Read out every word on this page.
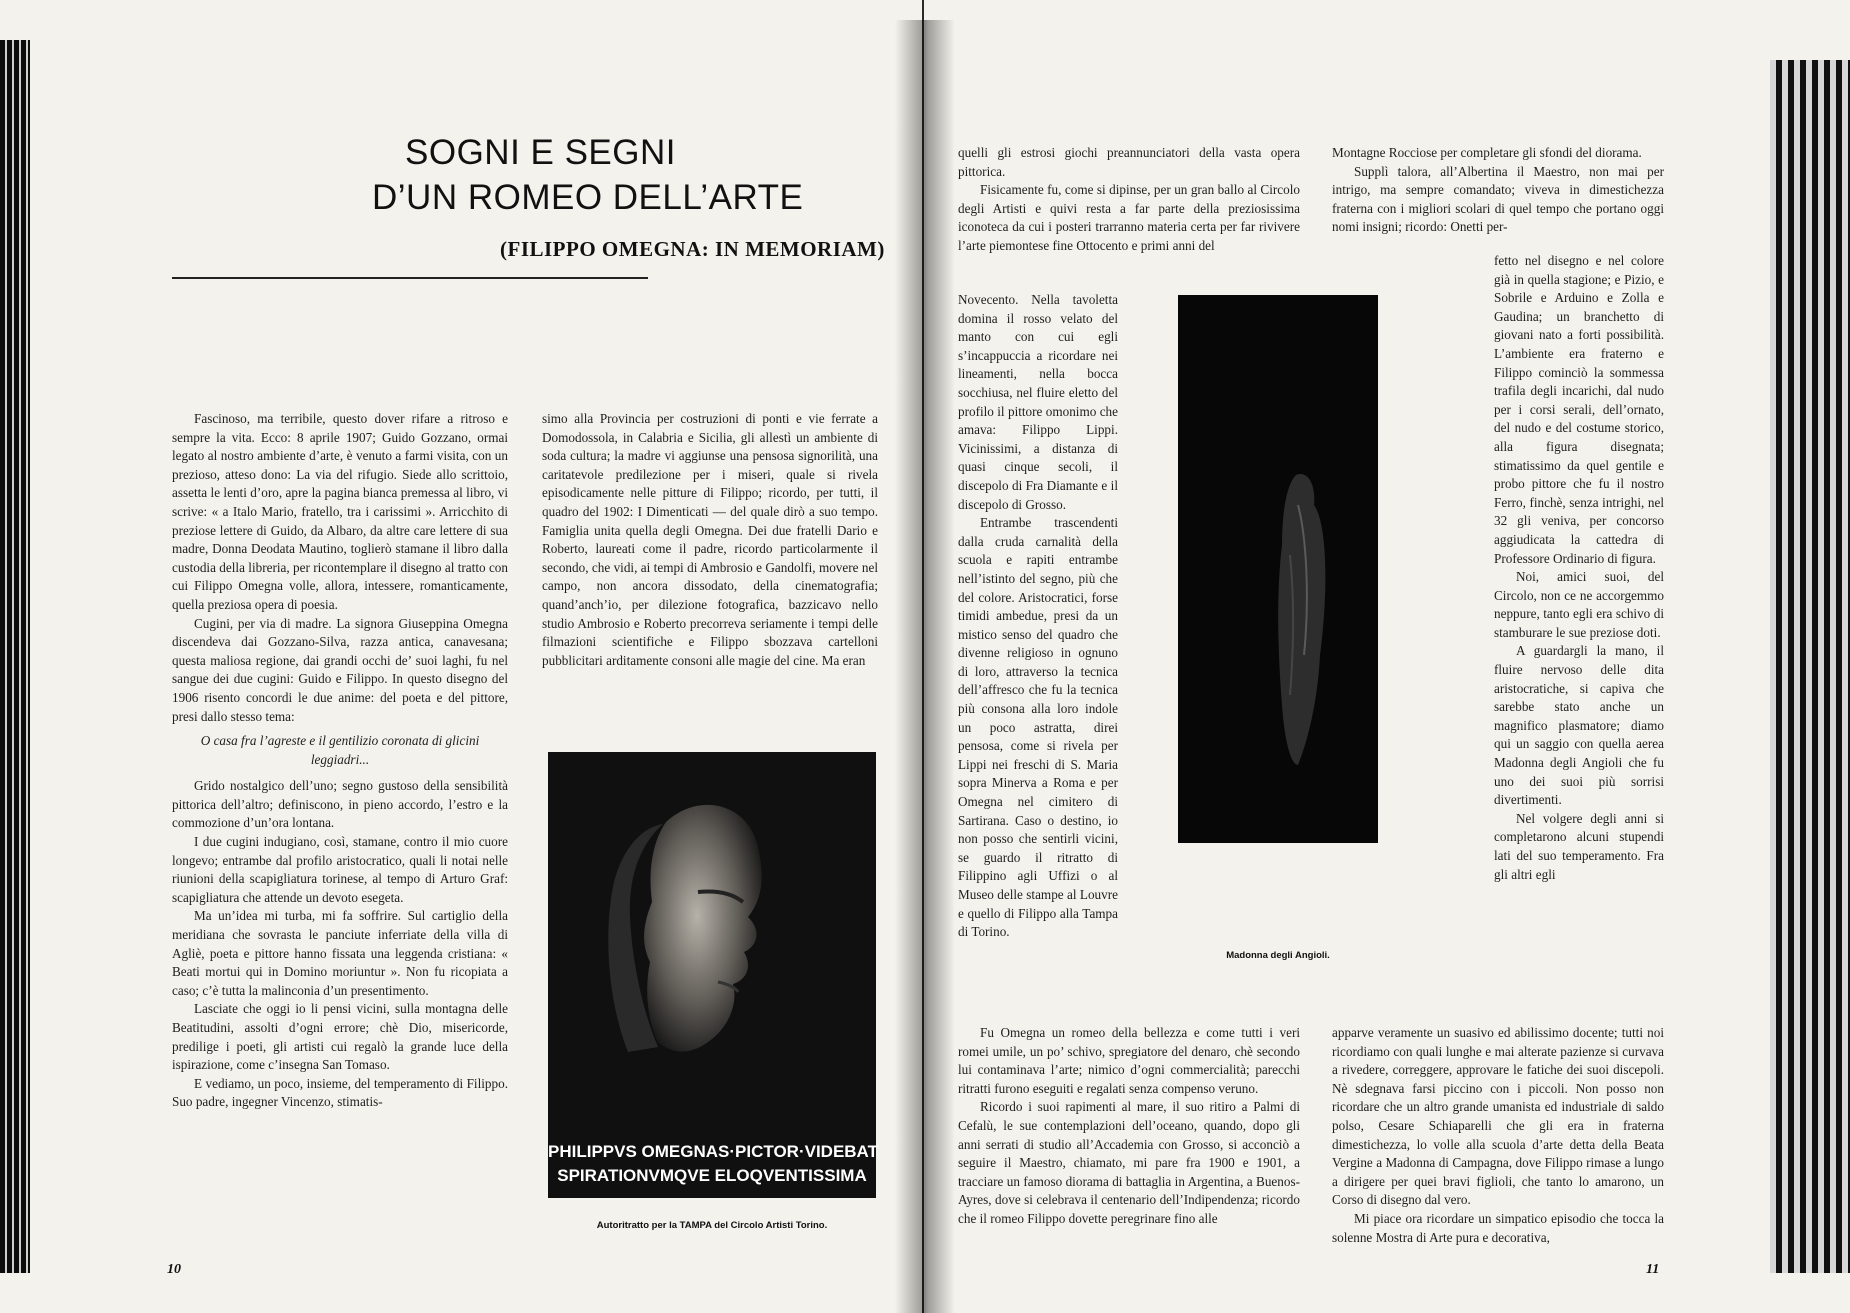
SOGNI E SEGNI
D’UN ROMEO DELL’ARTE
(FILIPPO OMEGNA: IN MEMORIAM)

Fascinoso, ma terribile, questo dover rifare a ritroso e sempre la vita. Ecco: 8 aprile 1907; Guido Gozzano, ormai legato al nostro ambiente d’arte, è venuto a farmi visita, con un prezioso, atteso dono: La via del rifugio. Siede allo scrittoio, assetta le lenti d’oro, apre la pagina bianca premessa al libro, vi scrive: « a Italo Mario, fratello, tra i carissimi ». Arricchito di preziose lettere di Guido, da Albaro, da altre care lettere di sua madre, Donna Deodata Mautino, toglierò stamane il libro dalla custodia della libreria, per ricontemplare il disegno al tratto con cui Filippo Omegna volle, allora, intessere, romanticamente, quella preziosa opera di poesia.

Cugini, per via di madre. La signora Giuseppina Omegna discendeva dai Gozzano-Silva, razza antica, canavesana; questa maliosa regione, dai grandi occhi de’ suoi laghi, fu nel sangue dei due cugini: Guido e Filippo. In questo disegno del 1906 risento concordi le due anime: del poeta e del pittore, presi dallo stesso tema:

O casa fra l’agreste e il gentilizio coronata di glicini leggiadri...

Grido nostalgico dell’uno; segno gustoso della sensibilità pittorica dell’altro; definiscono, in pieno accordo, l’estro e la commozione d’un’ora lontana.

I due cugini indugiano, così, stamane, contro il mio cuore longevo; entrambe dal profilo aristocratico, quali li notai nelle riunioni della scapigliatura torinese, al tempo di Arturo Graf: scapigliatura che attende un devoto esegeta.

Ma un’idea mi turba, mi fa soffrire. Sul cartiglio della meridiana che sovrasta le panciute inferriate della villa di Agliè, poeta e pittore hanno fissata una leggenda cristiana: « Beati mortui qui in Domino moriuntur ». Non fu ricopiata a caso; c’è tutta la malinconia d’un presentimento.

Lasciate che oggi io li pensi vicini, sulla montagna delle Beatitudini, assolti d’ogni errore; chè Dio, misericorde, predilige i poeti, gli artisti cui regalò la grande luce della ispirazione, come c’insegna San Tomaso.

E vediamo, un poco, insieme, del temperamento di Filippo. Suo padre, ingegner Vincenzo, stimatis-

simo alla Provincia per costruzioni di ponti e vie ferrate a Domodossola, in Calabria e Sicilia, gli allestì un ambiente di soda cultura; la madre vi aggiunse una pensosa signorilità, una caritatevole predilezione per i miseri, quale si rivela episodicamente nelle pitture di Filippo; ricordo, per tutti, il quadro del 1902: I Dimenticati — del quale dirò a suo tempo. Famiglia unita quella degli Omegna. Dei due fratelli Dario e Roberto, laureati come il padre, ricordo particolarmente il secondo, che vidi, ai tempi di Ambrosio e Gandolfi, movere nel campo, non ancora dissodato, della cinematografia; quand’anch’io, per dilezione fotografica, bazzicavo nello studio Ambrosio e Roberto precorreva seriamente i tempi delle filmazioni scientifiche e Filippo sbozzava cartelloni pubblicitari arditamente consoni alle magie del cine. Ma eran

PHILIPPVS OMEGNAS·PICTOR·VIDEBAT
SPIRATIONVMQVE ELOQVENTISSIMA
Autoritratto per la TAMPA del Circolo Artisti Torino.
10

quelli gli estrosi giochi preannunciatori della vasta opera pittorica.

Fisicamente fu, come si dipinse, per un gran ballo al Circolo degli Artisti e quivi resta a far parte della preziosissima iconoteca da cui i posteri trarranno materia certa per far rivivere l’arte piemontese fine Ottocento e primi anni del

Novecento. Nella tavoletta domina il rosso velato del manto con cui egli s’incappuccia a ricordare nei lineamenti, nella bocca socchiusa, nel fluire eletto del profilo il pittore omonimo che amava: Filippo Lippi. Vicinissimi, a distanza di quasi cinque secoli, il discepolo di Fra Diamante e il discepolo di Grosso.

Entrambe trascendenti dalla cruda carnalità della scuola e rapiti entrambe nell’istinto del segno, più che del colore. Aristocratici, forse timidi ambedue, presi da un mistico senso del quadro che divenne religioso in ognuno di loro, attraverso la tecnica dell’affresco che fu la tecnica più consona alla loro indole un poco astratta, direi pensosa, come si rivela per Lippi nei freschi di S. Maria sopra Minerva a Roma e per Omegna nel cimitero di Sartirana. Caso o destino, io non posso che sentirli vicini, se guardo il ritratto di Filippino agli Uffizi o al Museo delle stampe al Louvre e quello di Filippo alla Tampa di Torino.

Madonna degli Angioli.

Fu Omegna un romeo della bellezza e come tutti i veri romei umile, un po’ schivo, spregiatore del denaro, chè secondo lui contaminava l’arte; nimico d’ogni commercialità; parecchi ritratti furono eseguiti e regalati senza compenso veruno.

Ricordo i suoi rapimenti al mare, il suo ritiro a Palmi di Cefalù, le sue contemplazioni dell’oceano, quando, dopo gli anni serrati di studio all’Accademia con Grosso, si acconciò a seguire il Maestro, chiamato, mi pare fra 1900 e 1901, a tracciare un famoso diorama di battaglia in Argentina, a Buenos-Ayres, dove si celebrava il centenario dell’Indipendenza; ricordo che il romeo Filippo dovette peregrinare fino alle

Montagne Rocciose per completare gli sfondi del diorama.

Supplì talora, all’Albertina il Maestro, non mai per intrigo, ma sempre comandato; viveva in dimestichezza fraterna con i migliori scolari di quel tempo che portano oggi nomi insigni; ricordo: Onetti per-

fetto nel disegno e nel colore già in quella stagione; e Pizio, e Sobrile e Arduino e Zolla e Gaudina; un branchetto di giovani nato a forti possibilità. L’ambiente era fraterno e Filippo cominciò la sommessa trafila degli incarichi, dal nudo per i corsi serali, dell’ornato, del nudo e del costume storico, alla figura disegnata; stimatissimo da quel gentile e probo pittore che fu il nostro Ferro, finchè, senza intrighi, nel 32 gli veniva, per concorso aggiudicata la cattedra di Professore Ordinario di figura.

Noi, amici suoi, del Circolo, non ce ne accorgemmo neppure, tanto egli era schivo di stamburare le sue preziose doti.

A guardargli la mano, il fluire nervoso delle dita aristocratiche, si capiva che sarebbe stato anche un magnifico plasmatore; diamo qui un saggio con quella aerea Madonna degli Angioli che fu uno dei suoi più sorrisi divertimenti.

Nel volgere degli anni si completarono alcuni stupendi lati del suo temperamento. Fra gli altri egli

apparve veramente un suasivo ed abilissimo docente; tutti noi ricordiamo con quali lunghe e mai alterate pazienze si curvava a rivedere, correggere, approvare le fatiche dei suoi discepoli. Nè sdegnava farsi piccino con i piccoli. Non posso non ricordare che un altro grande umanista ed industriale di saldo polso, Cesare Schiaparelli che gli era in fraterna dimestichezza, lo volle alla scuola d’arte detta della Beata Vergine a Madonna di Campagna, dove Filippo rimase a lungo a dirigere per quei bravi figlioli, che tanto lo amarono, un Corso di disegno dal vero.

Mi piace ora ricordare un simpatico episodio che tocca la solenne Mostra di Arte pura e decorativa,

11
